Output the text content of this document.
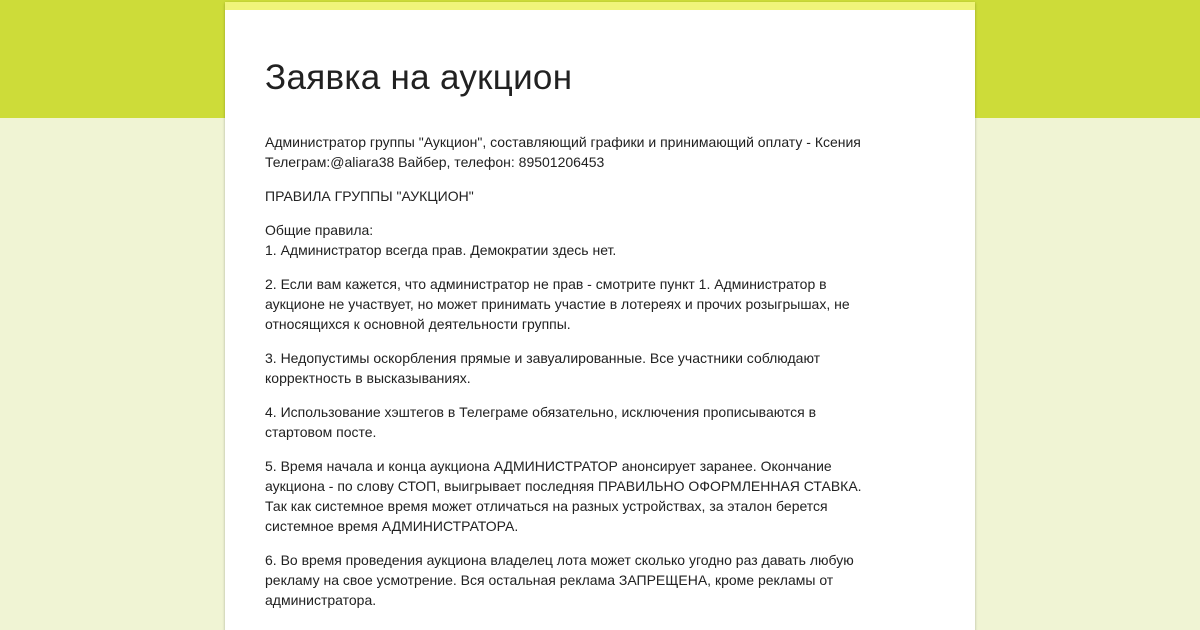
Заявка на аукцион

Администратор группы "Аукцион", составляющий графики и принимающий оплату - Ксения
Телеграм:@aliara38 Вайбер, телефон: 89501206453

ПРАВИЛА ГРУППЫ "АУКЦИОН"

Общие правила:
1. Администратор всегда прав. Демократии здесь нет.

2. Если вам кажется, что администратор не прав - смотрите пункт 1. Администратор в
аукционе не участвует, но может принимать участие в лотереях и прочих розыгрышах, не
относящихся к основной деятельности группы.

3. Недопустимы оскорбления прямые и завуалированные. Все участники соблюдают
корректность в высказываниях.

4. Использование хэштегов в Телеграме обязательно, исключения прописываются в
стартовом посте.

5. Время начала и конца аукциона АДМИНИСТРАТОР анонсирует заранее. Окончание
аукциона - по слову СТОП, выигрывает последняя ПРАВИЛЬНО ОФОРМЛЕННАЯ СТАВКА.
Так как системное время может отличаться на разных устройствах, за эталон берется
системное время АДМИНИСТРАТОРА.

6. Во время проведения аукциона владелец лота может сколько угодно раз давать любую
рекламу на свое усмотрение. Вся остальная реклама ЗАПРЕЩЕНА, кроме рекламы от
администратора.
